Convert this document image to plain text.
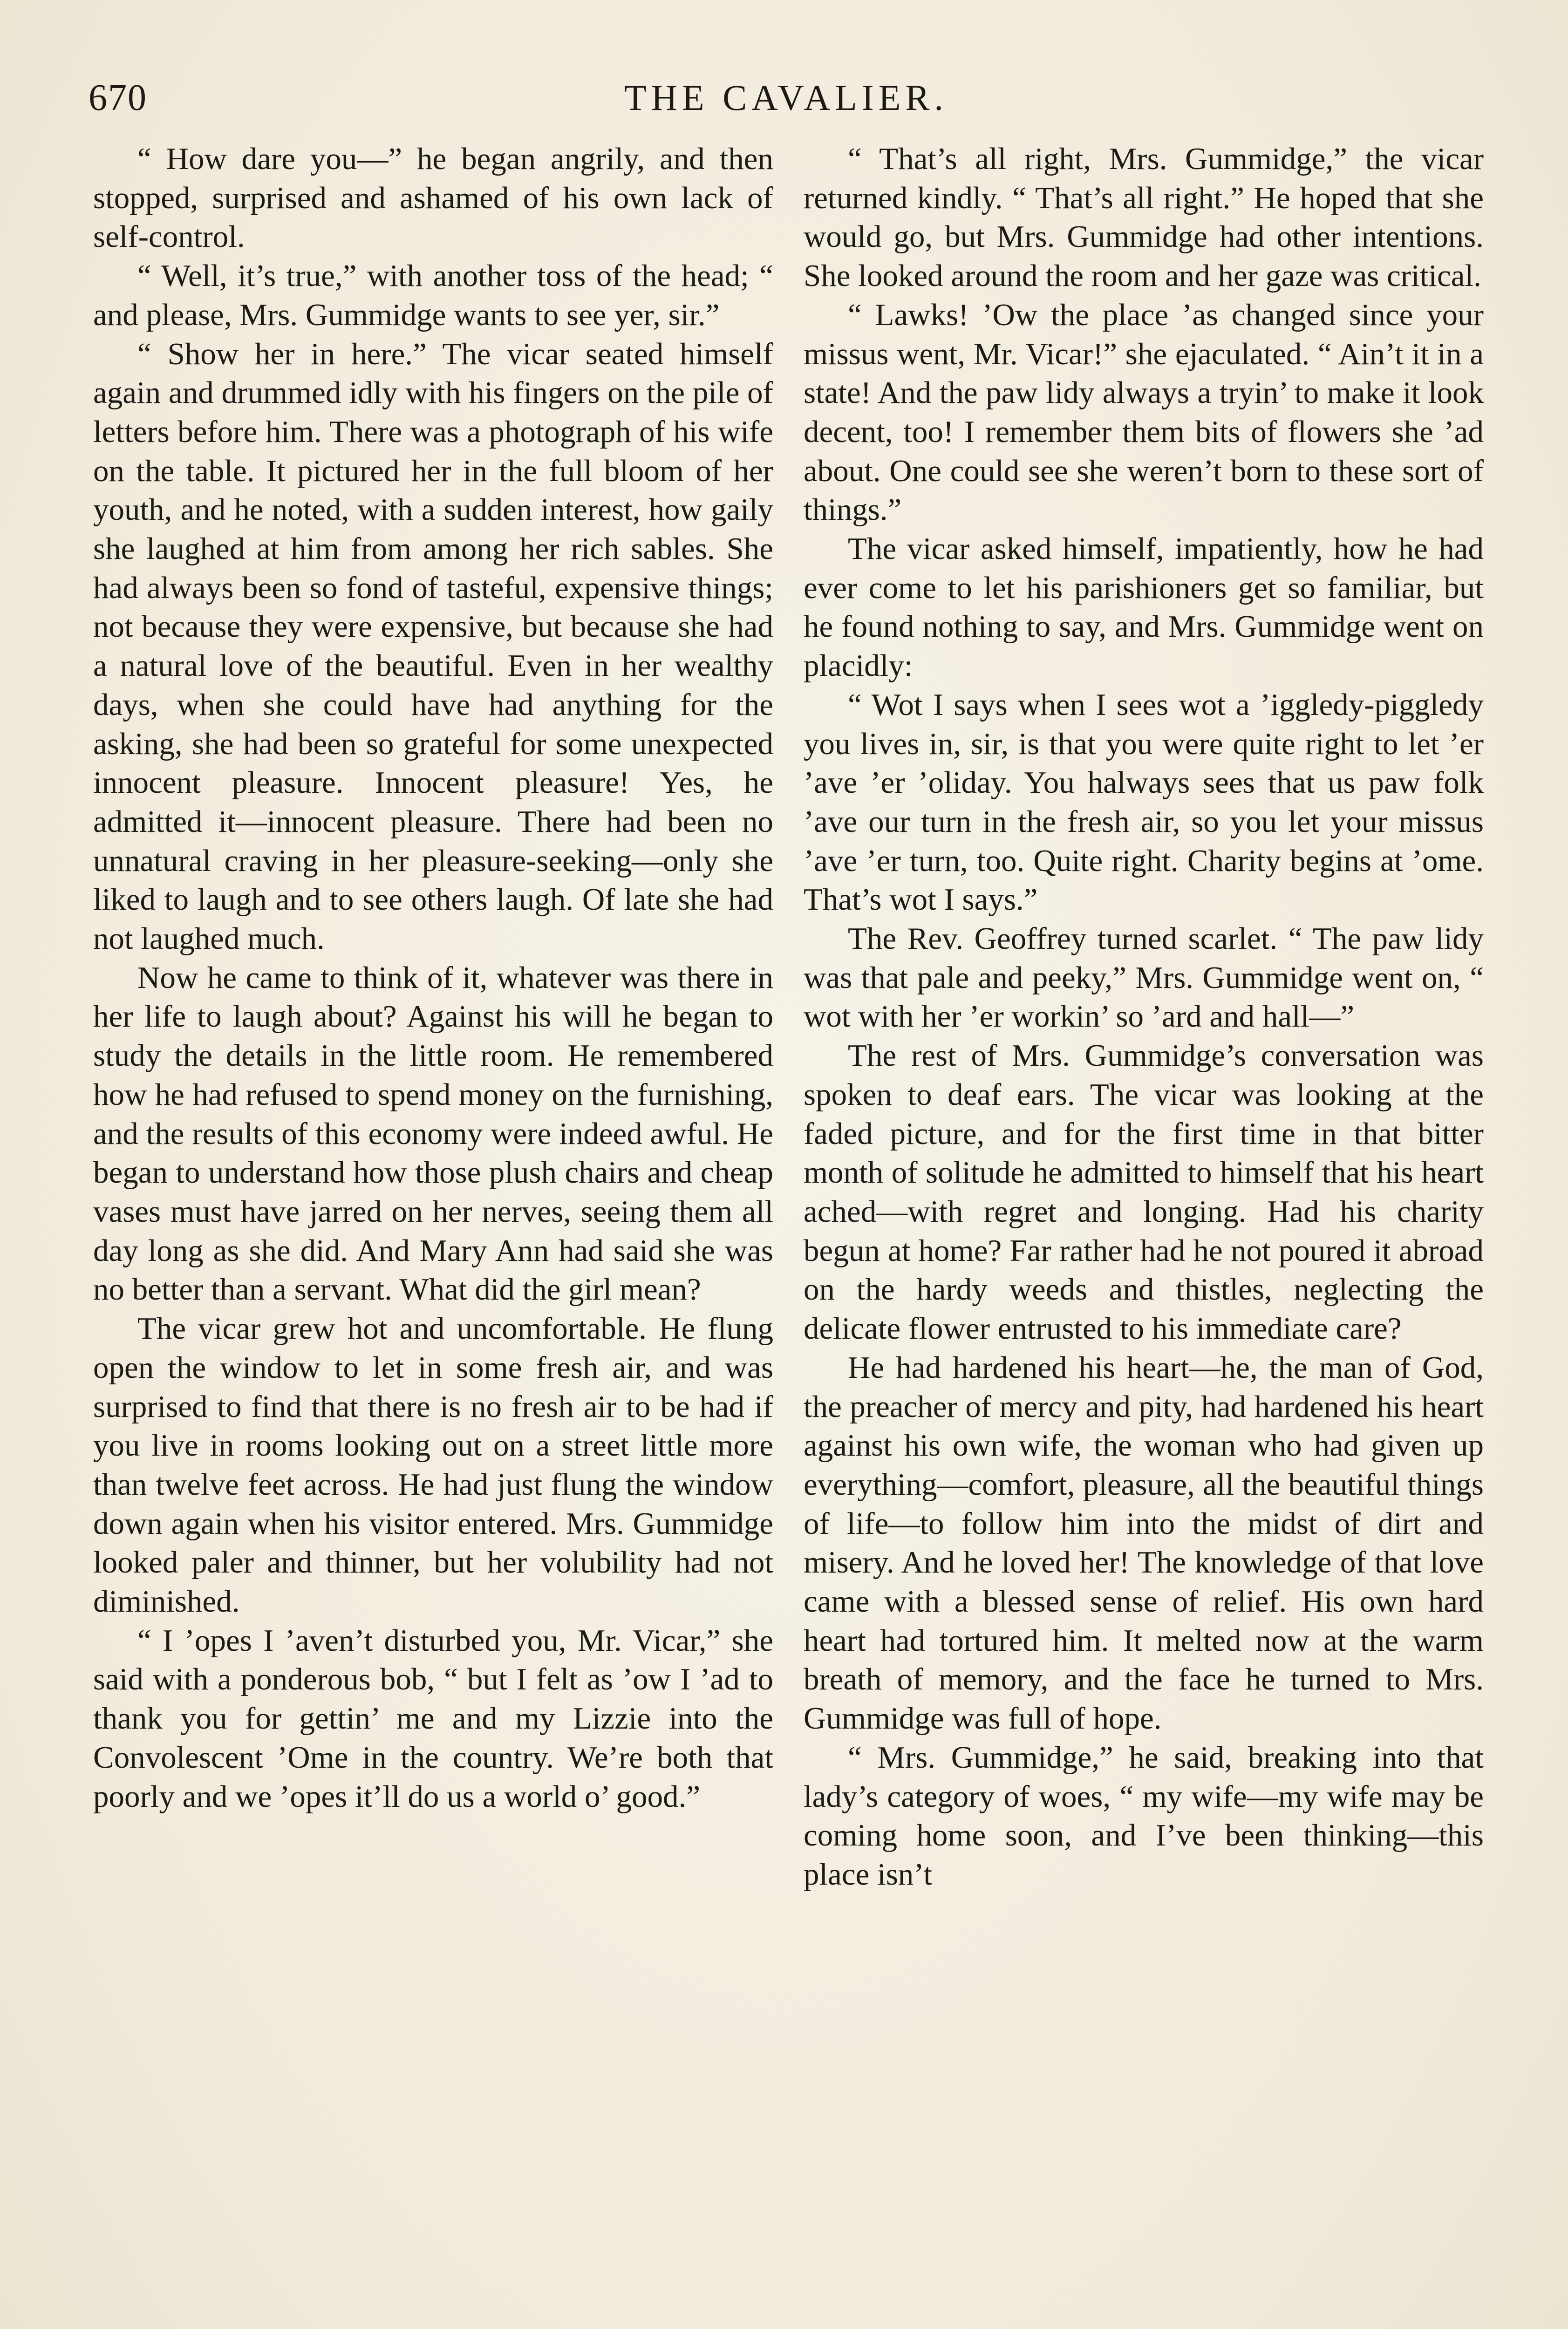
670	THE CAVALIER.

“ How dare you—” he began angrily, and then stopped, surprised and ashamed of his own lack of self-control.

“ Well, it’s true,” with another toss of the head; “ and please, Mrs. Gummidge wants to see yer, sir.”

“ Show her in here.” The vicar seated himself again and drummed idly with his fingers on the pile of letters before him. There was a photograph of his wife on the table. It pictured her in the full bloom of her youth, and he noted, with a sudden interest, how gaily she laughed at him from among her rich sables. She had always been so fond of tasteful, expensive things; not because they were expensive, but because she had a natural love of the beautiful. Even in her wealthy days, when she could have had anything for the asking, she had been so grateful for some unexpected innocent pleasure. Innocent pleasure! Yes, he admitted it—innocent pleasure. There had been no unnatural craving in her pleasure-seeking—only she liked to laugh and to see others laugh. Of late she had not laughed much.

Now he came to think of it, whatever was there in her life to laugh about? Against his will he began to study the details in the little room. He remembered how he had refused to spend money on the furnishing, and the results of this economy were indeed awful. He began to understand how those plush chairs and cheap vases must have jarred on her nerves, seeing them all day long as she did. And Mary Ann had said she was no better than a servant. What did the girl mean?

The vicar grew hot and uncomfortable. He flung open the window to let in some fresh air, and was surprised to find that there is no fresh air to be had if you live in rooms looking out on a street little more than twelve feet across. He had just flung the window down again when his visitor entered. Mrs. Gummidge looked paler and thinner, but her volubility had not diminished.

“ I ’opes I ’aven’t disturbed you, Mr. Vicar,” she said with a ponderous bob, “ but I felt as ’ow I ’ad to thank you for gettin’ me and my Lizzie into the Convolescent ’Ome in the country. We’re both that poorly and we ’opes it’ll do us a world o’ good.”

“ That’s all right, Mrs. Gummidge,” the vicar returned kindly. “ That’s all right.” He hoped that she would go, but Mrs. Gummidge had other intentions. She looked around the room and her gaze was critical.

“ Lawks! ’Ow the place ’as changed since your missus went, Mr. Vicar!” she ejaculated. “ Ain’t it in a state! And the paw lidy always a tryin’ to make it look decent, too! I remember them bits of flowers she ’ad about. One could see she weren’t born to these sort of things.”

The vicar asked himself, impatiently, how he had ever come to let his parishioners get so familiar, but he found nothing to say, and Mrs. Gummidge went on placidly:

“ Wot I says when I sees wot a ’iggledy-piggledy you lives in, sir, is that you were quite right to let ’er ’ave ’er ’oliday. You halways sees that us paw folk ’ave our turn in the fresh air, so you let your missus ’ave ’er turn, too. Quite right. Charity begins at ’ome. That’s wot I says.”

The Rev. Geoffrey turned scarlet. “ The paw lidy was that pale and peeky,” Mrs. Gummidge went on, “ wot with her ’er workin’ so ’ard and hall—”

The rest of Mrs. Gummidge’s conversation was spoken to deaf ears. The vicar was looking at the faded picture, and for the first time in that bitter month of solitude he admitted to himself that his heart ached—with regret and longing. Had his charity begun at home? Far rather had he not poured it abroad on the hardy weeds and thistles, neglecting the delicate flower entrusted to his immediate care?

He had hardened his heart—he, the man of God, the preacher of mercy and pity, had hardened his heart against his own wife, the woman who had given up everything—comfort, pleasure, all the beautiful things of life—to follow him into the midst of dirt and misery. And he loved her! The knowledge of that love came with a blessed sense of relief. His own hard heart had tortured him. It melted now at the warm breath of memory, and the face he turned to Mrs. Gummidge was full of hope.

“ Mrs. Gummidge,” he said, breaking into that lady’s category of woes, “ my wife—my wife may be coming home soon, and I’ve been thinking—this place isn’t
